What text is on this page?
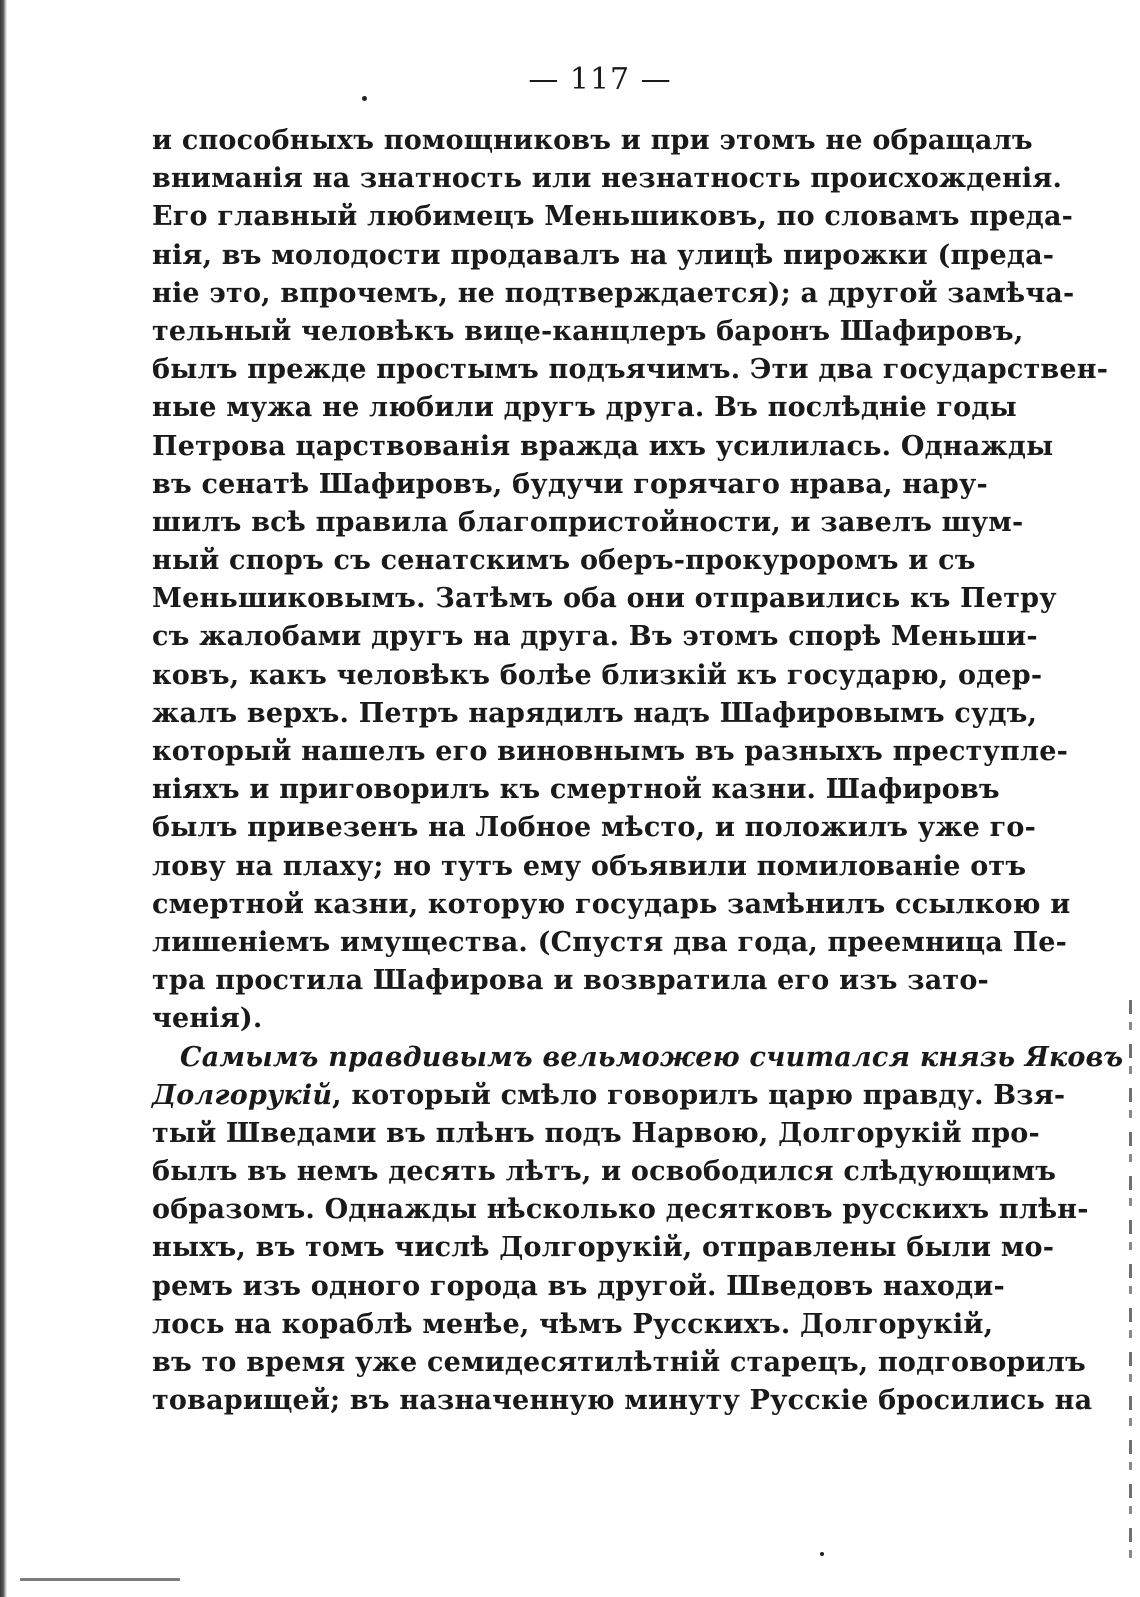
— 117 —
и способныхъ помощниковъ и при этомъ не обращалъ
вниманія на знатность или незнатность происхожденія.
Его главный любимецъ Меньшиковъ, по словамъ преда-
нія, въ молодости продавалъ на улицѣ пирожки (преда-
ніе это, впрочемъ, не подтверждается); а другой замѣча-
тельный человѣкъ вице-канцлеръ баронъ Шафировъ,
былъ прежде простымъ подъячимъ. Эти два государствен-
ные мужа не любили другъ друга. Въ послѣдніе годы
Петрова царствованія вражда ихъ усилилась. Однажды
въ сенатѣ Шафировъ, будучи горячаго нрава, нару-
шилъ всѣ правила благопристойности, и завелъ шум-
ный споръ съ сенатскимъ оберъ-прокуроромъ и съ
Меньшиковымъ. Затѣмъ оба они отправились къ Петру
съ жалобами другъ на друга. Въ этомъ спорѣ Меньши-
ковъ, какъ человѣкъ болѣе близкій къ государю, одер-
жалъ верхъ. Петръ нарядилъ надъ Шафировымъ судъ,
который нашелъ его виновнымъ въ разныхъ преступле-
ніяхъ и приговорилъ къ смертной казни. Шафировъ
былъ привезенъ на Лобное мѣсто, и положилъ уже го-
лову на плаху; но тутъ ему объявили помилованіе отъ
смертной казни, которую государь замѣнилъ ссылкою и
лишеніемъ имущества. (Спустя два года, преемница Пе-
тра простила Шафирова и возвратила его изъ зато-
ченія).
Самымъ правдивымъ вельможею считался князь Яковъ
Долгорукій, который смѣло говорилъ царю правду. Взя-
тый Шведами въ плѣнъ подъ Нарвою, Долгорукій про-
былъ въ немъ десять лѣтъ, и освободился слѣдующимъ
образомъ. Однажды нѣсколько десятковъ русскихъ плѣн-
ныхъ, въ томъ числѣ Долгорукій, отправлены были мо-
ремъ изъ одного города въ другой. Шведовъ находи-
лось на кораблѣ менѣе, чѣмъ Русскихъ. Долгорукій,
въ то время уже семидесятилѣтній старецъ, подговорилъ
товарищей; въ назначенную минуту Русскіе бросились на
